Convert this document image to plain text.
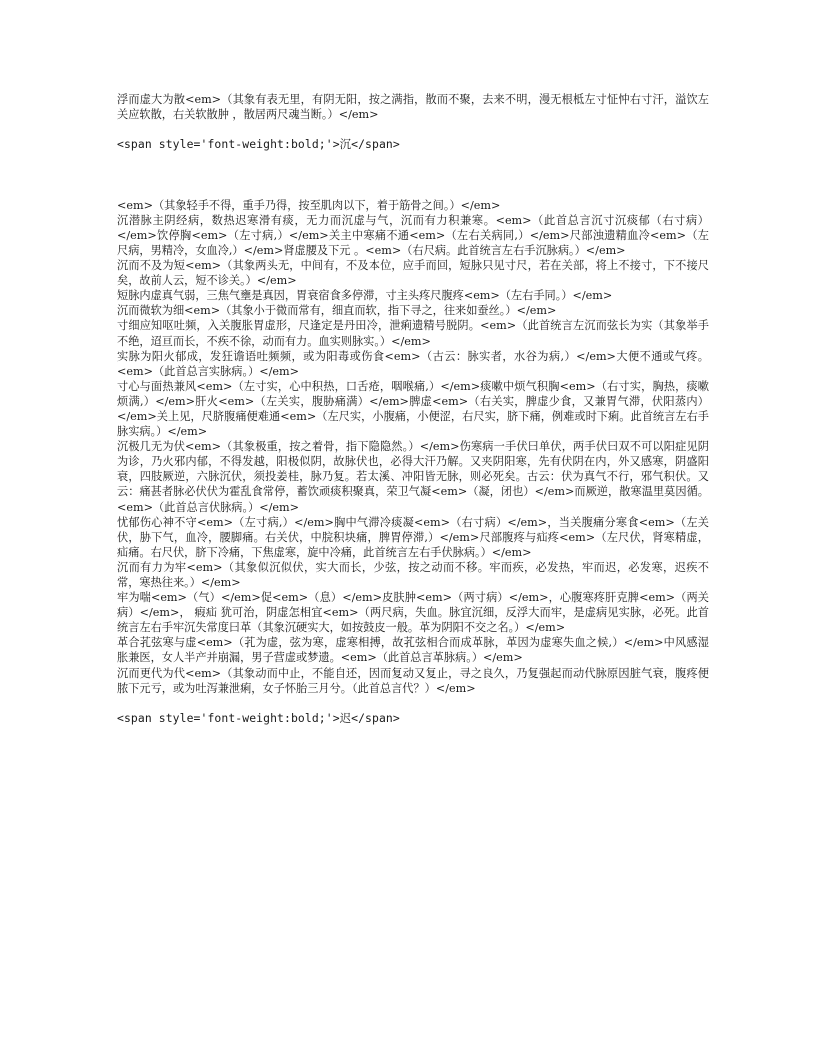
浮而虚大为散<em>（其象有表无里，有阴无阳，按之满指，散而不聚，去来不明，漫无根柢左寸怔忡右寸汗，溢饮左关应软散，右关软散肿 ，散居两尺魂当断。）</em>
<span style='font-weight:bold;'>沉</span>
<em>（其象轻手不得，重手乃得，按至肌肉以下，着于筋骨之间。）</em>
沉潜脉主阴经病，数热迟寒滑有痰，无力而沉虚与气，沉而有力积兼寒。<em>（此首总言沉寸沉痰郁（右寸病）</em>饮停胸<em>（左寸病,）</em>关主中寒痛不通<em>（左右关病同,）</em>尺部浊遗精血冷<em>（左尺病，男精冷，女血冷,）</em>肾虚腰及下元 。<em>（右尺病。此首统言左右手沉脉病。）</em>
沉而不及为短<em>（其象两头无，中间有，不及本位，应手而回，短脉只见寸尺，若在关部，将上不接寸，下不接尺矣，故前人云，短不诊关。）</em>
短脉内虚真气弱，三焦气壅是真因，胃衰宿食多停滞，寸主头疼尺腹疼<em>（左右手同。）</em>
沉而微软为细<em>（其象小于微而常有，细直而软，指下寻之，往来如蚕丝。）</em>
寸细应知呕吐频，入关腹胀胃虚形，尺逢定是丹田冷，泄痢遗精号脱阴。<em>（此首统言左沉而弦长为实（其象举手不绝，迢亘而长，不疾不徐，动而有力。血实则脉实。）</em>
实脉为阳火郁成，发狂谵语吐频频，或为阳毒或伤食<em>（古云：脉实者，水谷为病,）</em>大便不通或气疼。<em>（此首总言实脉病。）</em>
寸心与面热兼风<em>（左寸实，心中积热，口舌疮，咽喉痛,）</em>痰嗽中烦气积胸<em>（右寸实，胸热，痰嗽烦满,）</em>肝火<em>（左关实，腹胁痛满）</em>脾虚<em>（右关实，脾虚少食，又兼胃气滞，伏阳蒸内）</em>关上见，尺脐腹痛便难通<em>（左尺实，小腹痛，小便涩，右尺实，脐下痛，例难或时下痢。此首统言左右手脉实病。）</em>
沉极几无为伏<em>（其象极重，按之着骨，指下隐隐然。）</em>伤寒病一手伏曰单伏，两手伏曰双不可以阳症见阴为诊，乃火邪内郁，不得发越，阳极似阴，故脉伏也，必得大汗乃解。又夹阴阳寒，先有伏阴在内，外又感寒，阴盛阳衰，四肢厥逆，六脉沉伏，须投姜桂，脉乃复。若太溪、冲阳皆无脉，则必死矣。古云：伏为真气不行，邪气积伏。又云：痛甚者脉必伏伏为霍乱食常停，蓄饮顽痰积聚真，荣卫气凝<em>（凝，闭也）</em>而厥逆，散寒温里莫因循。<em>（此首总言伏脉病。）</em>
忧郁伤心神不守<em>（左寸病,）</em>胸中气滞冷痰凝<em>（右寸病）</em>，当关腹痛分寒食<em>（左关伏，胁下气，血冷，腰脚痛。右关伏，中脘积块痛，脾胃停滞,）</em>尺部腹疼与疝疼<em>（左尺伏，肾寒精虚，疝痛。右尺伏，脐下冷痛，下焦虚寒，旋中冷痛，此首统言左右手伏脉病。）</em>
沉而有力为牢<em>（其象似沉似伏，实大而长，少弦，按之动而不移。牢而疾，必发热，牢而迟，必发寒，迟疾不常，寒热往来。）</em>
牢为喘<em>（气）</em>促<em>（息）</em>皮肤肿<em>（两寸病）</em>，心腹寒疼肝克脾<em>（两关病）</em>， 瘕疝 犹可治，阴虚怎相宜<em>（两尺病，失血。脉宜沉细，反浮大而牢，是虚病见实脉，必死。此首统言左右手牢沉失常度曰革（其象沉硬实大，如按鼓皮一般。革为阴阳不交之名。）</em>
革合芤弦寒与虚<em>（芤为虚，弦为寒，虚寒相搏，故芤弦相合而成革脉，革因为虚寒失血之候,）</em>中风感湿胀兼医，女人半产并崩漏，男子营虚或梦遗。<em>（此首总言革脉病。）</em>
沉而更代为代<em>（其象动而中止，不能自还，因而复动又复止，寻之良久，乃复强起而动代脉原因脏气衰，腹疼便脓下元亏，或为吐泻兼泄痢，女子怀胎三月兮。（此首总言代？）</em>
<span style='font-weight:bold;'>迟</span>
